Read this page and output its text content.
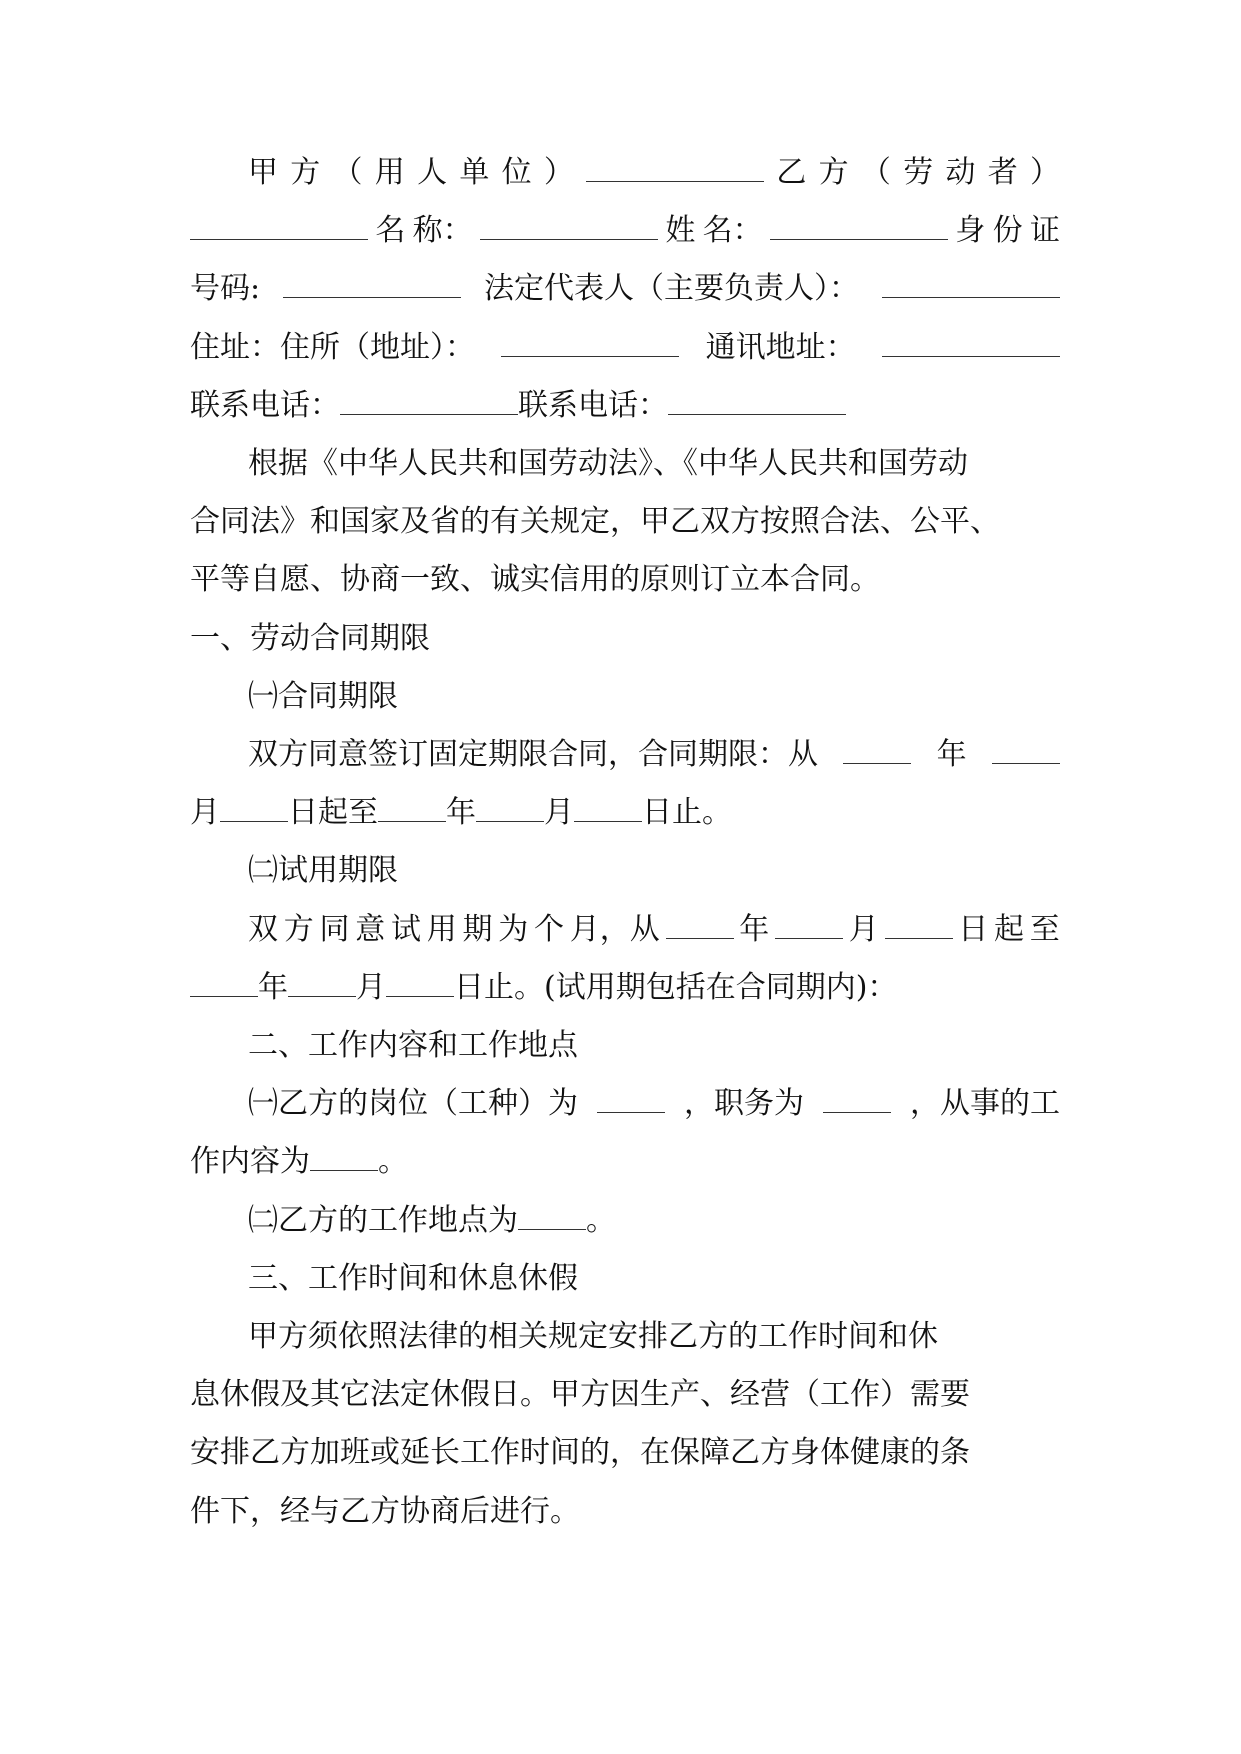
甲 方 （ 用 人 单 位 ）	乙 方 （ 劳 动 者 ）
名 称：	姓 名：	身 份 证
号码:	法定代表人（主要负责人）：
住址：住所（地址）：	通讯地址：
联系电话：	联系电话：
根据《中华人民共和国劳动法》、《中华人民共和国劳动
合同法》和国家及省的有关规定，甲乙双方按照合法、公平、
平等自愿、协商一致、诚实信用的原则订立本合同。
一、劳动合同期限
㈠合同期限
双方同意签订固定期限合同，合同期限：从	年
月 日起至 年 月 日止。
㈡试用期限
双 方 同 意 试 用 期 为 个 月，从	年	月	日 起 至
年 月 日止。(试用期包括在合同期内)：
二、工作内容和工作地点
㈠乙方的岗位（工种）为	，职务为	，从事的工
作内容为 。
㈡乙方的工作地点为 。
三、工作时间和休息休假
甲方须依照法律的相关规定安排乙方的工作时间和休
息休假及其它法定休假日。甲方因生产、经营（工作）需要
安排乙方加班或延长工作时间的，在保障乙方身体健康的条
件下，经与乙方协商后进行。
